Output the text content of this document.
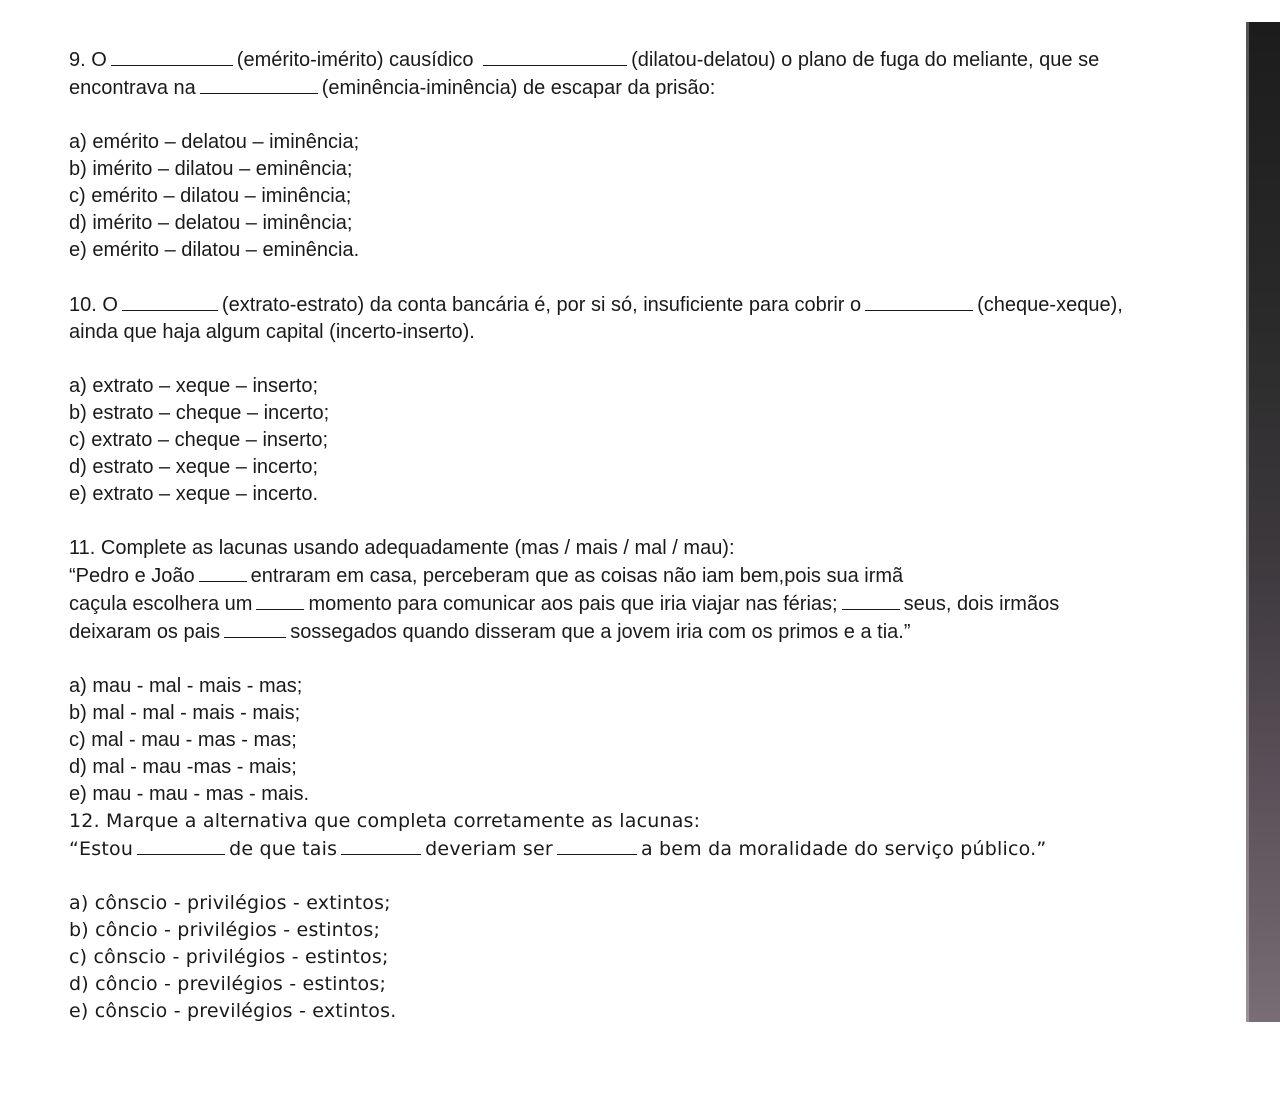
9. O	(emérito-imérito) causídico	(dilatou-delatou) o plano de fuga do meliante, que se

encontrava na	(eminência-iminência) de escapar da prisão:

a) emérito – delatou – iminência;
b) imérito – dilatou – eminência;
c) emérito – dilatou – iminência;
d) imérito – delatou – iminência;
e) emérito – dilatou – eminência.

10. O	(extrato-estrato) da conta bancária é, por si só, insuficiente para cobrir o	(cheque-xeque),

ainda que haja algum capital (incerto-inserto).

a) extrato – xeque – inserto;
b) estrato – cheque – incerto;
c) extrato – cheque – inserto;
d) estrato – xeque – incerto;
e) extrato – xeque – incerto.

11. Complete as lacunas usando adequadamente (mas / mais / mal / mau):

“Pedro e João	entraram em casa, perceberam que as coisas não iam bem,pois sua irmã

caçula escolhera um	momento para comunicar aos pais que iria viajar nas férias;	seus, dois irmãos

deixaram os pais	sossegados quando disseram que a jovem iria com os primos e a tia.”

a) mau - mal - mais - mas;
b) mal - mal - mais - mais;
c) mal - mau - mas - mas;
d) mal - mau -mas - mais;
e) mau - mau - mas - mais.

12. Marque a alternativa que completa corretamente as lacunas:

“Estou	de que tais	deveriam ser	a bem da moralidade do serviço público.”

a) cônscio - privilégios - extintos;
b) côncio - privilégios - estintos;
c) cônscio - privilégios - estintos;
d) côncio - previlégios - estintos;
e) cônscio - previlégios - extintos.
